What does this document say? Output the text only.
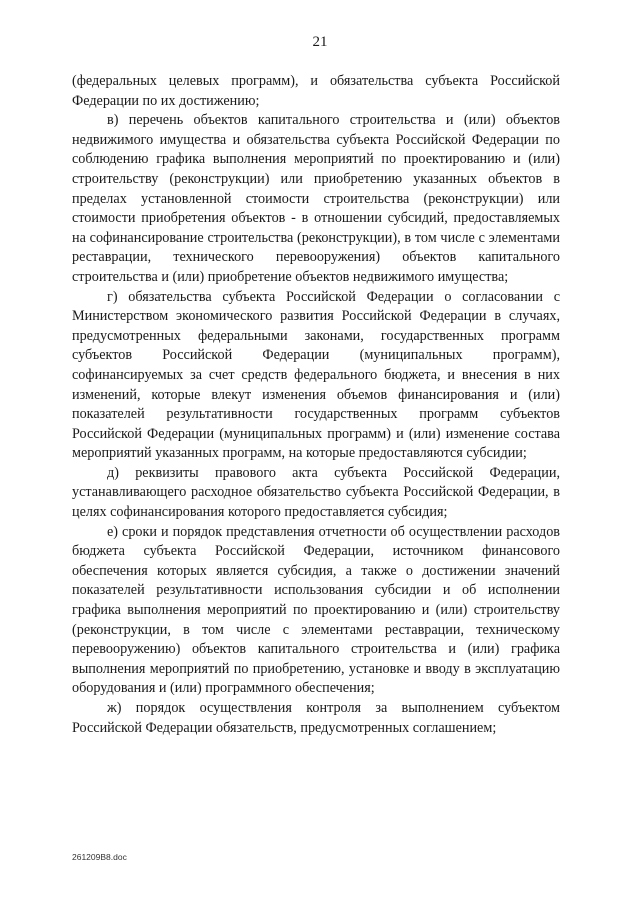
21

(федеральных целевых программ), и обязательства субъекта Российской Федерации по их достижению;

в) перечень объектов капитального строительства и (или) объектов недвижимого имущества и обязательства субъекта Российской Федерации по соблюдению графика выполнения мероприятий по проектированию и (или) строительству (реконструкции) или приобретению указанных объектов в пределах установленной стоимости строительства (реконструкции) или стоимости приобретения объектов - в отношении субсидий, предоставляемых на софинансирование строительства (реконструкции), в том числе с элементами реставрации, технического перевооружения) объектов капитального строительства и (или) приобретение объектов недвижимого имущества;

г) обязательства субъекта Российской Федерации о согласовании с Министерством экономического развития Российской Федерации в случаях, предусмотренных федеральными законами, государственных программ субъектов Российской Федерации (муниципальных программ), софинансируемых за счет средств федерального бюджета, и внесения в них изменений, которые влекут изменения объемов финансирования и (или) показателей результативности государственных программ субъектов Российской Федерации (муниципальных программ) и (или) изменение состава мероприятий указанных программ, на которые предоставляются субсидии;

д) реквизиты правового акта субъекта Российской Федерации, устанавливающего расходное обязательство субъекта Российской Федерации, в целях софинансирования которого предоставляется субсидия;

е) сроки и порядок представления отчетности об осуществлении расходов бюджета субъекта Российской Федерации, источником финансового обеспечения которых является субсидия, а также о достижении значений показателей результативности использования субсидии и об исполнении графика выполнения мероприятий по проектированию и (или) строительству (реконструкции, в том числе с элементами реставрации, техническому перевооружению) объектов капитального строительства и (или) графика выполнения мероприятий по приобретению, установке и вводу в эксплуатацию оборудования и (или) программного обеспечения;

ж) порядок осуществления контроля за выполнением субъектом Российской Федерации обязательств, предусмотренных соглашением;

261209В8.doc
